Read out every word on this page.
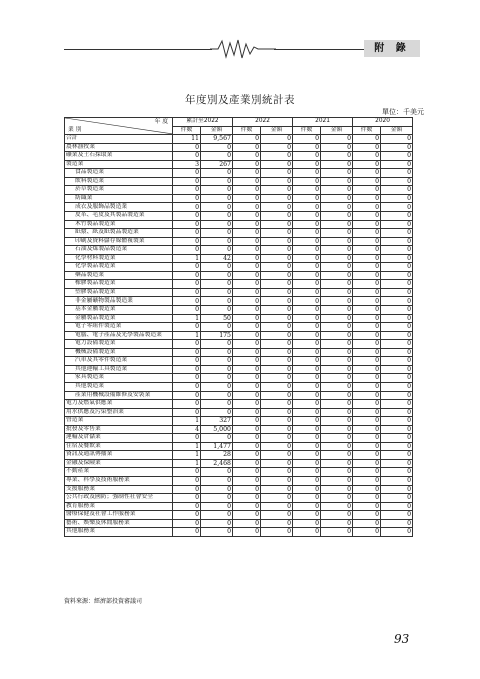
附 錄
年度別及產業別統計表
單位：千美元
年 度
業 別	累計至2022		2022		2021		2020	
	件數	金額	件數	金額	件數	金額	件數	金額
合計	11	9,567	0	0	0	0	0	0
農林漁牧業	0	0	0	0	0	0	0	0
礦業及土石採取業	0	0	0	0	0	0	0	0
製造業	3	267	0	0	0	0	0	0
食品製造業	0	0	0	0	0	0	0	0
飲料製造業	0	0	0	0	0	0	0	0
菸草製造業	0	0	0	0	0	0	0	0
紡織業	0	0	0	0	0	0	0	0
成衣及服飾品製造業	0	0	0	0	0	0	0	0
皮革、毛皮及其製品製造業	0	0	0	0	0	0	0	0
木竹製品製造業	0	0	0	0	0	0	0	0
紙漿、紙及紙製品製造業	0	0	0	0	0	0	0	0
印刷及資料儲存媒體複製業	0	0	0	0	0	0	0	0
石油及煤製品製造業	0	0	0	0	0	0	0	0
化學材料製造業	1	42	0	0	0	0	0	0
化學製品製造業	0	0	0	0	0	0	0	0
藥品製造業	0	0	0	0	0	0	0	0
橡膠製品製造業	0	0	0	0	0	0	0	0
塑膠製品製造業	0	0	0	0	0	0	0	0
非金屬礦物製品製造業	0	0	0	0	0	0	0	0
基本金屬製造業	0	0	0	0	0	0	0	0
金屬製品製造業	1	50	0	0	0	0	0	0
電子零組件製造業	0	0	0	0	0	0	0	0
電腦、電子產品及光學製品製造業	1	175	0	0	0	0	0	0
電力設備製造業	0	0	0	0	0	0	0	0
機械設備製造業	0	0	0	0	0	0	0	0
汽車及其零件製造業	0	0	0	0	0	0	0	0
其他運輸工具製造業	0	0	0	0	0	0	0	0
家具製造業	0	0	0	0	0	0	0	0
其他製造業	0	0	0	0	0	0	0	0
產業用機械設備維修及安裝業	0	0	0	0	0	0	0	0
電力及燃氣供應業	0	0	0	0	0	0	0	0
用水供應及污染整治業	0	0	0	0	0	0	0	0
營造業	1	327	0	0	0	0	0	0
批發及零售業	4	5,000	0	0	0	0	0	0
運輸及倉儲業	0	0	0	0	0	0	0	0
住宿及餐飲業	1	1,477	0	0	0	0	0	0
資訊及通訊傳播業	1	28	0	0	0	0	0	0
金融及保險業	1	2,468	0	0	0	0	0	0
不動產業	0	0	0	0	0	0	0	0
專業、科學及技術服務業	0	0	0	0	0	0	0	0
支援服務業	0	0	0	0	0	0	0	0
公共行政及國防；強制性社會安全	0	0	0	0	0	0	0	0
教育服務業	0	0	0	0	0	0	0	0
醫療保健及社會工作服務業	0	0	0	0	0	0	0	0
藝術、娛樂及休閒服務業	0	0	0	0	0	0	0	0
其他服務業	0	0	0	0	0	0	0	0
資料來源：經濟部投資審議司
93
